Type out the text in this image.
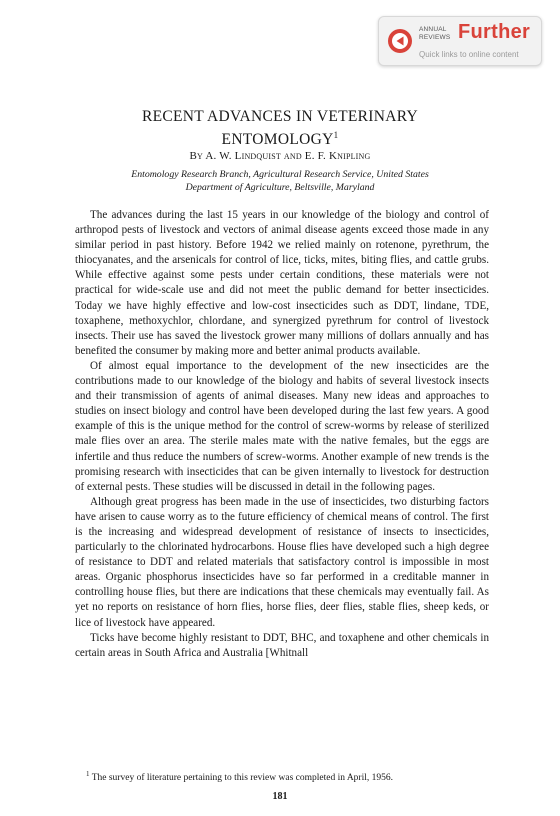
ANNUAL
REVIEWS Further
Quick links to online content
RECENT ADVANCES IN VETERINARY
ENTOMOLOGY$^1$
By A. W. Lindquist and E. F. Knipling
Entomology Research Branch, Agricultural Research Service, United States
Department of Agriculture, Beltsville, Maryland

The advances during the last 15 years in our knowledge of the biology and control of arthropod pests of livestock and vectors of animal disease agents exceed those made in any similar period in past history. Before 1942 we relied mainly on rotenone, pyrethrum, the thiocyanates, and the arsenicals for control of lice, ticks, mites, biting flies, and cattle grubs. While effective against some pests under certain conditions, these materials were not practical for wide-scale use and did not meet the public demand for better insecticides. Today we have highly effective and low-cost insecticides such as DDT, lindane, TDE, toxaphene, methoxychlor, chlordane, and synergized pyrethrum for control of livestock insects. Their use has saved the livestock grower many millions of dollars annually and has benefited the consumer by making more and better animal products available.

Of almost equal importance to the development of the new insecticides are the contributions made to our knowledge of the biology and habits of several livestock insects and their transmission of agents of animal diseases. Many new ideas and approaches to studies on insect biology and control have been developed during the last few years. A good example of this is the unique method for the control of screw-worms by release of sterilized male flies over an area. The sterile males mate with the native females, but the eggs are infertile and thus reduce the numbers of screw-worms. Another example of new trends is the promising research with insecticides that can be given internally to livestock for destruction of external pests. These studies will be discussed in detail in the following pages.

Although great progress has been made in the use of insecticides, two disturbing factors have arisen to cause worry as to the future efficiency of chemical means of control. The first is the increasing and widespread development of resistance of insects to insecticides, particularly to the chlorinated hydrocarbons. House flies have developed such a high degree of resistance to DDT and related materials that satisfactory control is impossible in most areas. Organic phosphorus insecticides have so far performed in a creditable manner in controlling house flies, but there are indications that these chemicals may eventually fail. As yet no reports on resistance of horn flies, horse flies, deer flies, stable flies, sheep keds, or lice of livestock have appeared.

Ticks have become highly resistant to DDT, BHC, and toxaphene and other chemicals in certain areas in South Africa and Australia [Whitnall

$^1$ The survey of literature pertaining to this review was completed in April, 1956.
181
